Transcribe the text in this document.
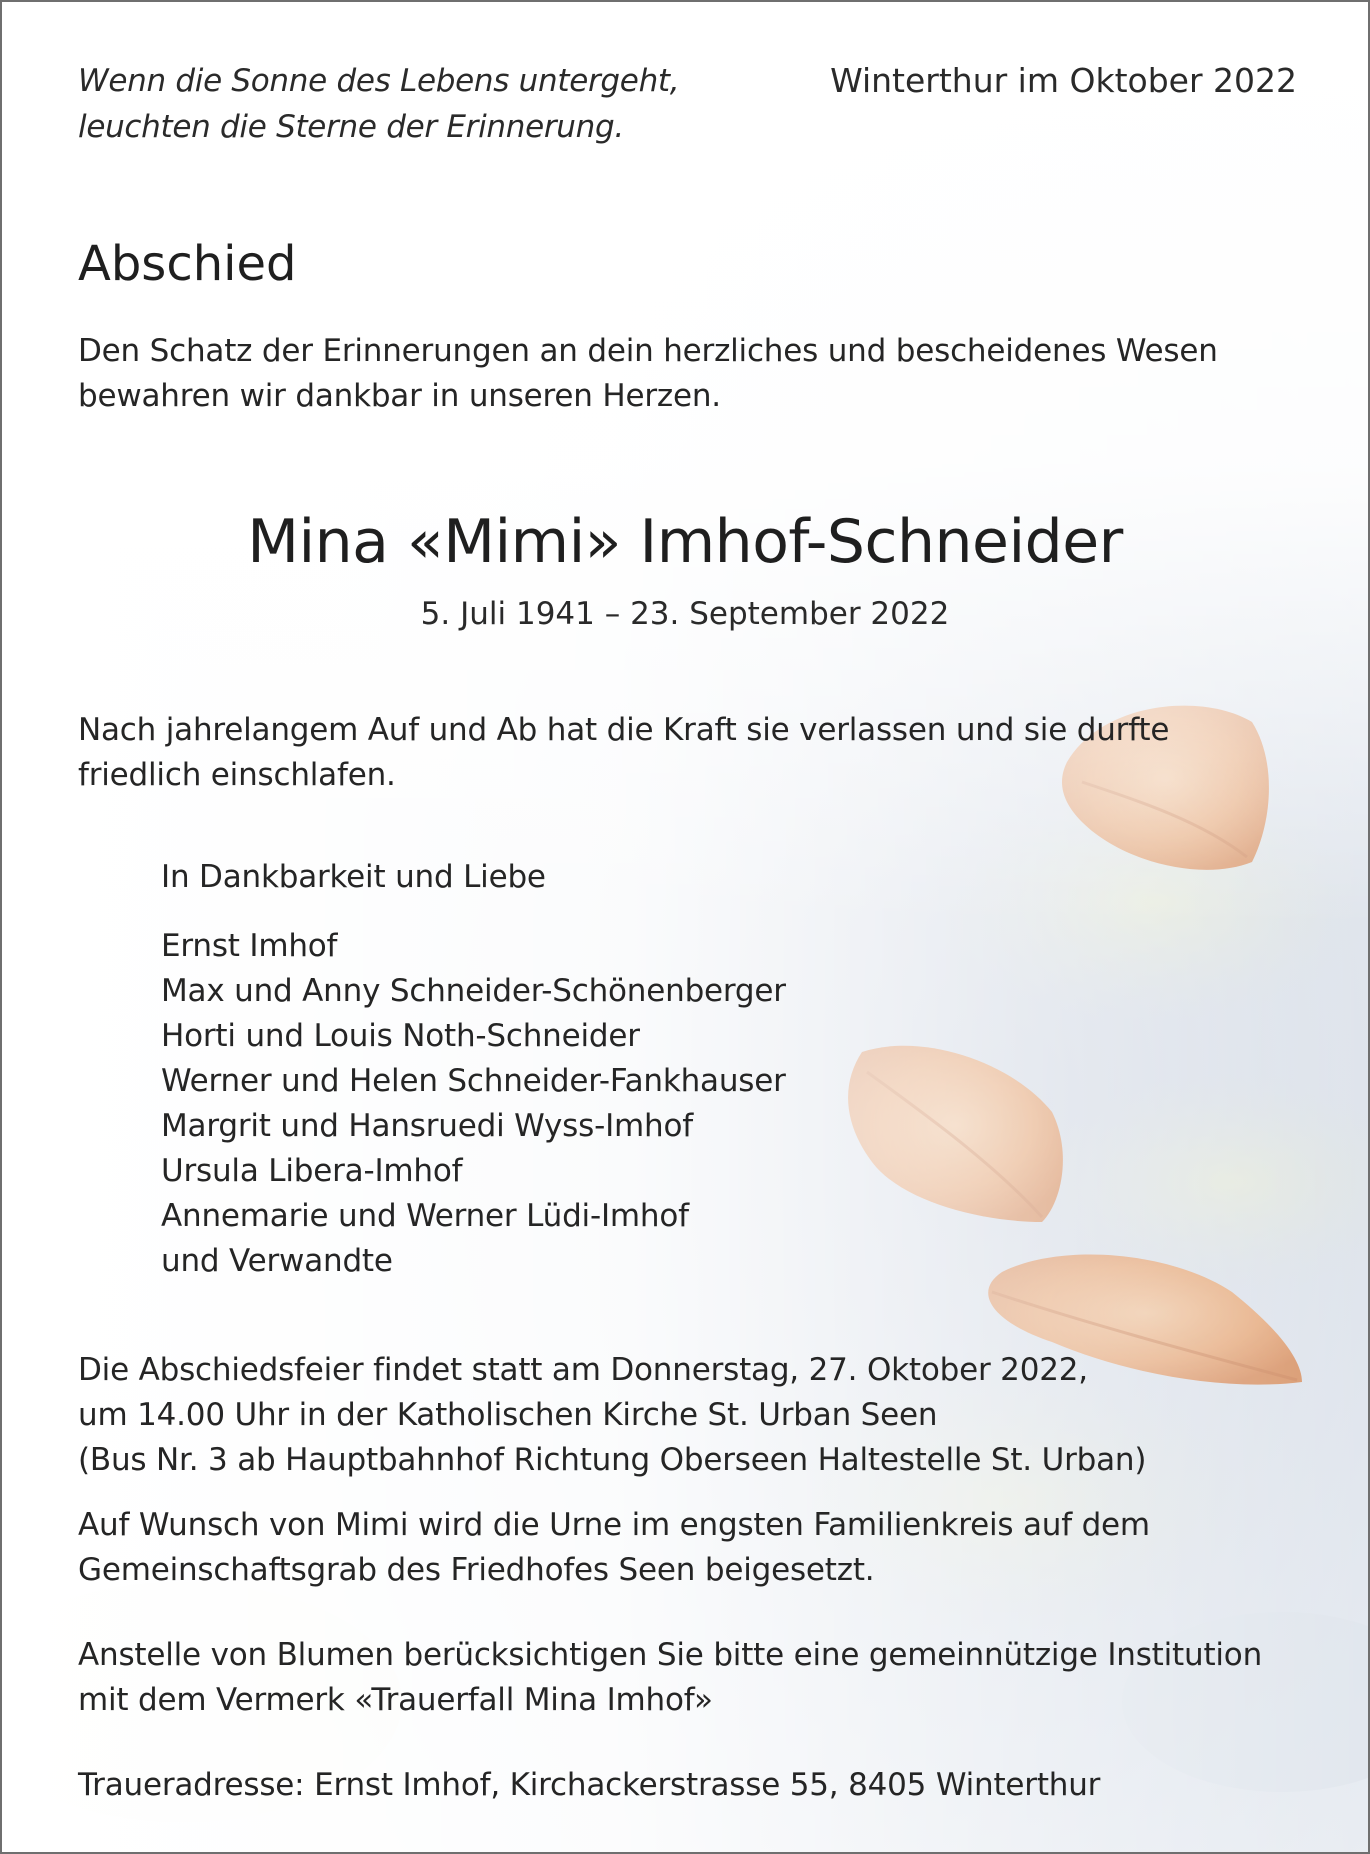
Wenn die Sonne des Lebens untergeht,
leuchten die Sterne der Erinnerung.
Winterthur im Oktober 2022
Abschied
Den Schatz der Erinnerungen an dein herzliches und bescheidenes Wesen
bewahren wir dankbar in unseren Herzen.
Mina «Mimi» Imhof-Schneider
5. Juli 1941 – 23. September 2022
Nach jahrelangem Auf und Ab hat die Kraft sie verlassen und sie durfte
friedlich einschlafen.
In Dankbarkeit und Liebe
Ernst Imhof
Max und Anny Schneider-Schönenberger
Horti und Louis Noth-Schneider
Werner und Helen Schneider-Fankhauser
Margrit und Hansruedi Wyss-Imhof
Ursula Libera-Imhof
Annemarie und Werner Lüdi-Imhof
und Verwandte
Die Abschiedsfeier findet statt am Donnerstag, 27. Oktober 2022,
um 14.00 Uhr in der Katholischen Kirche St. Urban Seen
(Bus Nr. 3 ab Hauptbahnhof Richtung Oberseen Haltestelle St. Urban)
Auf Wunsch von Mimi wird die Urne im engsten Familienkreis auf dem
Gemeinschaftsgrab des Friedhofes Seen beigesetzt.
Anstelle von Blumen berücksichtigen Sie bitte eine gemeinnützige Institution
mit dem Vermerk «Trauerfall Mina Imhof»
Traueradresse: Ernst Imhof, Kirchackerstrasse 55, 8405 Winterthur
